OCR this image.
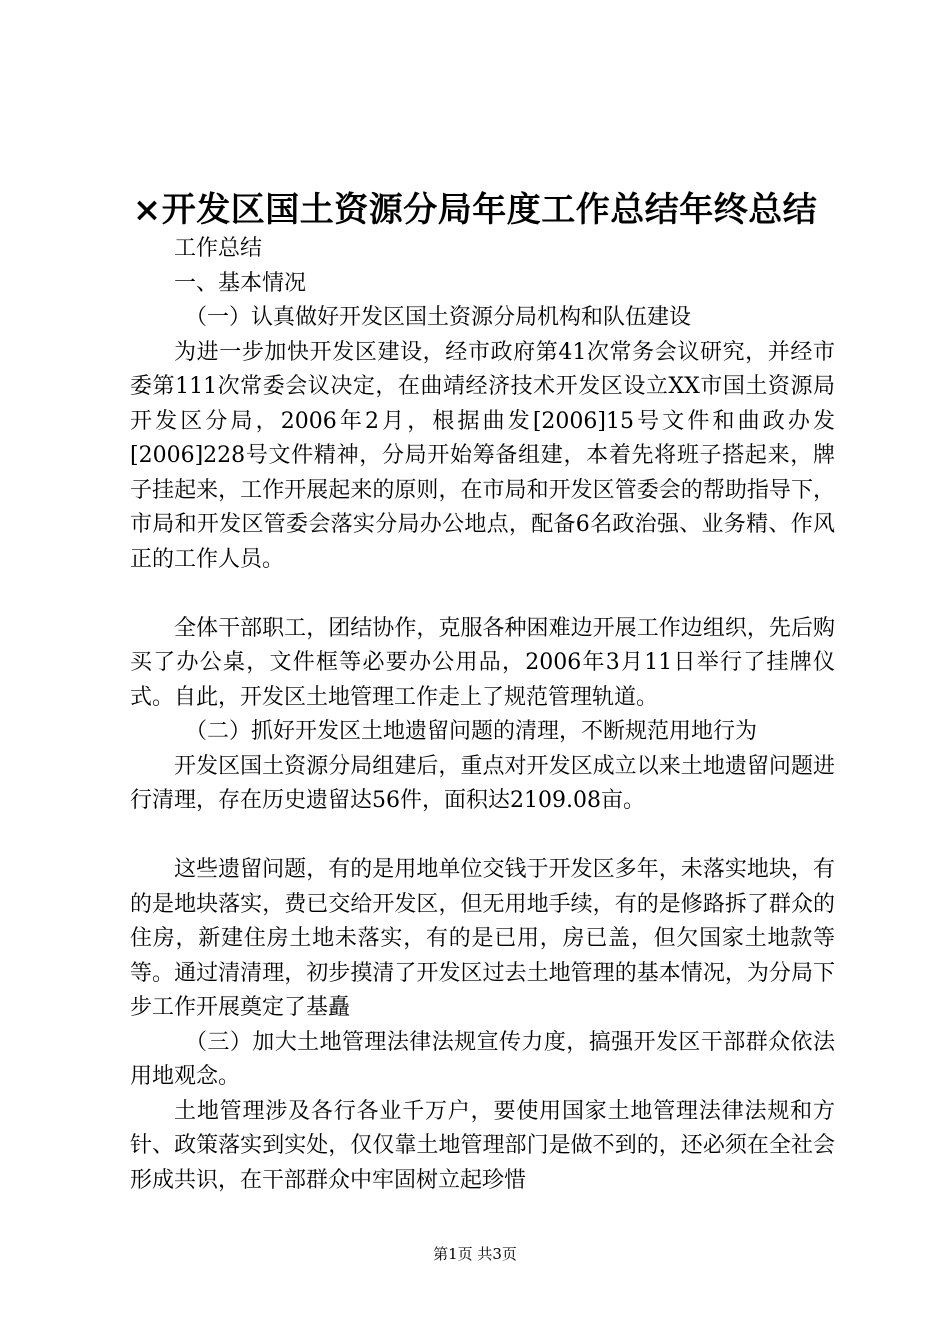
×开发区国土资源分局年度工作总结年终总结

工作总结

一、基本情况

（一）认真做好开发区国土资源分局机构和队伍建设

为进一步加快开发区建设，经市政府第41次常务会议研究，并经市委第111次常委会议决定，在曲靖经济技术开发区设立XX市国土资源局开发区分局，2006年2月，根据曲发[2006]15号文件和曲政办发[2006]228号文件精神，分局开始筹备组建，本着先将班子搭起来，牌子挂起来，工作开展起来的原则，在市局和开发区管委会的帮助指导下，市局和开发区管委会落实分局办公地点，配备6名政治强、业务精、作风正的工作人员。

全体干部职工，团结协作，克服各种困难边开展工作边组织，先后购买了办公桌，文件框等必要办公用品，2006年3月11日举行了挂牌仪式。自此，开发区土地管理工作走上了规范管理轨道。

（二）抓好开发区土地遗留问题的清理，不断规范用地行为

开发区国土资源分局组建后，重点对开发区成立以来土地遗留问题进行清理，存在历史遗留达56件，面积达2109.08亩。

这些遗留问题，有的是用地单位交钱于开发区多年，未落实地块，有的是地块落实，费已交给开发区，但无用地手续，有的是修路拆了群众的住房，新建住房土地未落实，有的是已用，房已盖，但欠国家土地款等等。通过清清理，初步摸清了开发区过去土地管理的基本情况，为分局下步工作开展奠定了基矗

（三）加大土地管理法律法规宣传力度，搞强开发区干部群众依法用地观念。

土地管理涉及各行各业千万户，要使用国家土地管理法律法规和方针、政策落实到实处，仅仅靠土地管理部门是做不到的，还必须在全社会形成共识，在干部群众中牢固树立起珍惜

第1页 共3页
